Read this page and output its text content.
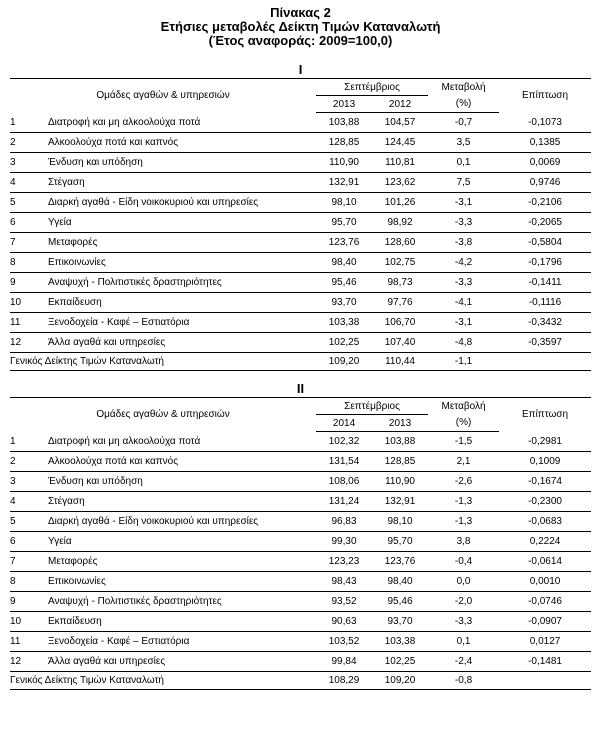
Πίνακας 2
Ετήσιες μεταβολές Δείκτη Τιμών Καταναλωτή
(Έτος αναφοράς: 2009=100,0)
I
Ομάδες αγαθών & υπηρεσιών		Σεπτέμβριος		Μεταβολή	Επίπτωση
		2013	2012	(%)	
1	Διατροφή και μη αλκοολούχα ποτά	103,88	104,57	-0,7	-0,1073
2	Αλκοολούχα ποτά και καπνός	128,85	124,45	3,5	0,1385
3	Ένδυση και υπόδηση	110,90	110,81	0,1	0,0069
4	Στέγαση	132,91	123,62	7,5	0,9746
5	Διαρκή αγαθά - Είδη νοικοκυριού και υπηρεσίες	98,10	101,26	-3,1	-0,2106
6	Υγεία	95,70	98,92	-3,3	-0,2065
7	Μεταφορές	123,76	128,60	-3,8	-0,5804
8	Επικοινωνίες	98,40	102,75	-4,2	-0,1796
9	Αναψυχή - Πολιτιστικές δραστηριότητες	95,46	98,73	-3,3	-0,1411
10	Εκπαίδευση	93,70	97,76	-4,1	-0,1116
11	Ξενοδοχεία - Καφέ – Εστιατόρια	103,38	106,70	-3,1	-0,3432
12	Άλλα αγαθά και υπηρεσίες	102,25	107,40	-4,8	-0,3597
Γενικός Δείκτης Τιμών Καταναλωτή		109,20	110,44	-1,1	
II
Ομάδες αγαθών & υπηρεσιών		Σεπτέμβριος		Μεταβολή	Επίπτωση
		2014	2013	(%)	
1	Διατροφή και μη αλκοολούχα ποτά	102,32	103,88	-1,5	-0,2981
2	Αλκοολούχα ποτά και καπνός	131,54	128,85	2,1	0,1009
3	Ένδυση και υπόδηση	108,06	110,90	-2,6	-0,1674
4	Στέγαση	131,24	132,91	-1,3	-0,2300
5	Διαρκή αγαθά - Είδη νοικοκυριού και υπηρεσίες	96,83	98,10	-1,3	-0,0683
6	Υγεία	99,30	95,70	3,8	0,2224
7	Μεταφορές	123,23	123,76	-0,4	-0,0614
8	Επικοινωνίες	98,43	98,40	0,0	0,0010
9	Αναψυχή - Πολιτιστικές δραστηριότητες	93,52	95,46	-2,0	-0,0746
10	Εκπαίδευση	90,63	93,70	-3,3	-0,0907
11	Ξενοδοχεία - Καφέ – Εστιατόρια	103,52	103,38	0,1	0,0127
12	Άλλα αγαθά και υπηρεσίες	99,84	102,25	-2,4	-0,1481
Γενικός Δείκτης Τιμών Καταναλωτή		108,29	109,20	-0,8	
